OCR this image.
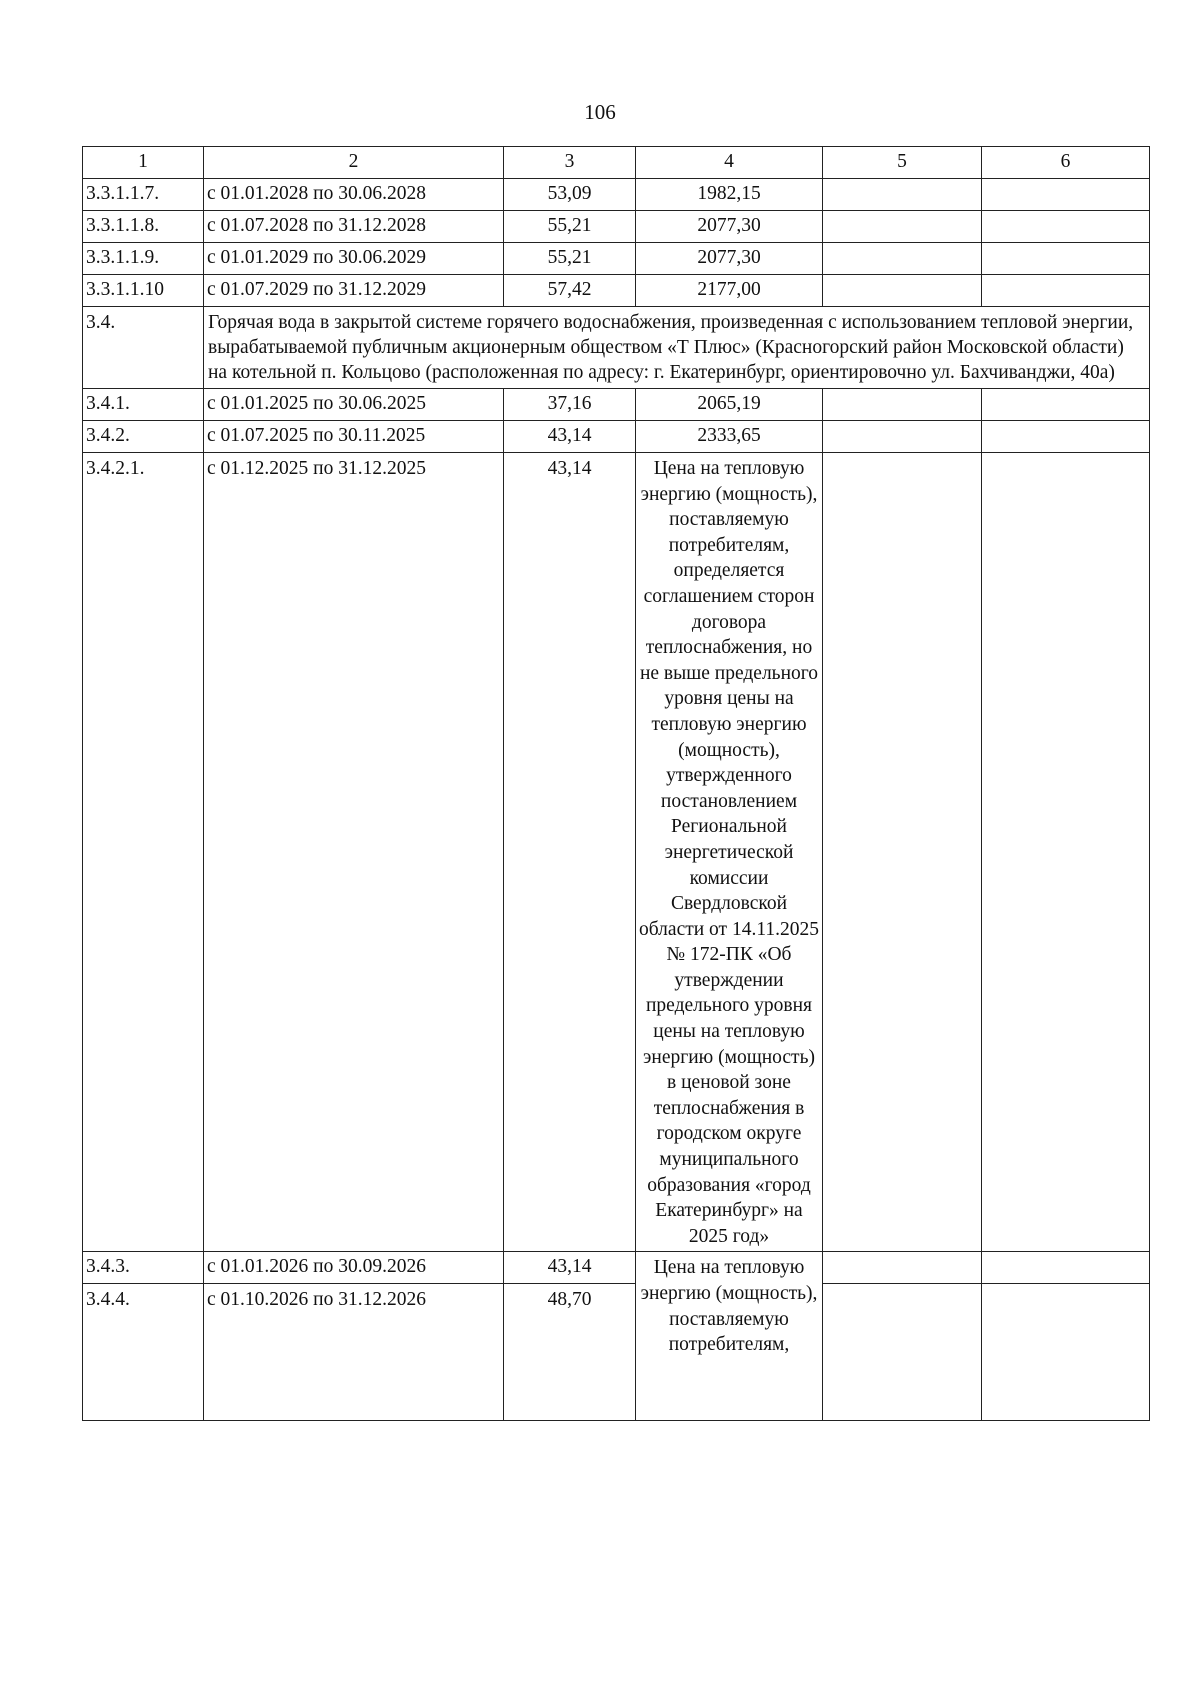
106
1	2	3	4	5	6
3.3.1.1.7.	с 01.01.2028 по 30.06.2028	53,09	1982,15		
3.3.1.1.8.	с 01.07.2028 по 31.12.2028	55,21	2077,30		
3.3.1.1.9.	с 01.01.2029 по 30.06.2029	55,21	2077,30		
3.3.1.1.10	с 01.07.2029 по 31.12.2029	57,42	2177,00		
3.4.	Горячая вода в закрытой системе горячего водоснабжения, произведенная с использованием тепловой энергии, вырабатываемой публичным акционерным обществом «Т Плюс» (Красногорский район Московской области) на котельной п. Кольцово (расположенная по адресу: г. Екатеринбург, ориентировочно ул. Бахчиванджи, 40а)				
3.4.1.	с 01.01.2025 по 30.06.2025	37,16	2065,19		
3.4.2.	с 01.07.2025 по 30.11.2025	43,14	2333,65		
3.4.2.1.	с 01.12.2025 по 31.12.2025	43,14	Цена на тепловую энергию (мощность), поставляемую потребителям, определяется соглашением сторон договора теплоснабжения, но не выше предельного уровня цены на тепловую энергию (мощность), утвержденного постановлением Региональной энергетической комиссии Свердловской области от 14.11.2025 № 172-ПК «Об утверждении предельного уровня цены на тепловую энергию (мощность) в ценовой зоне теплоснабжения в городском округе муниципального образования «город Екатеринбург» на 2025 год»		
3.4.3.	с 01.01.2026 по 30.09.2026	43,14	Цена на тепловую энергию (мощность), поставляемую потребителям,		
3.4.4.	с 01.10.2026 по 31.12.2026	48,70			
